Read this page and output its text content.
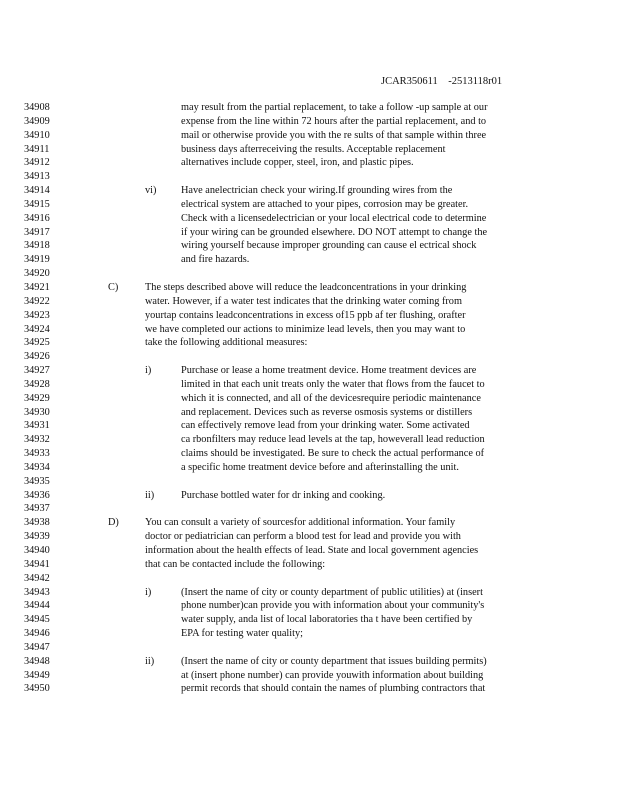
JCAR350611    -2513118r01
34908	may result from the partial replacement, to take a follow -up sample at our
34909	expense from the line within 72 hours after the partial replacement, and to
34910	mail or otherwise provide you with the re sults of that sample within three
34911	business days afterreceiving the results. Acceptable replacement
34912	alternatives include copper, steel, iron, and plastic pipes.
34913
34914	vi) Have anelectrician check your wiring.If grounding wires from the
34915	electrical system are attached to your pipes, corrosion may be greater.
34916	Check with a licensedelectrician or your local electrical code to determine
34917	if your wiring can be grounded elsewhere. DO NOT attempt to change the
34918	wiring yourself because improper grounding can cause el ectrical shock
34919	and fire hazards.
34920
34921	C)	The steps described above will reduce the leadconcentrations in your drinking
34922	water. However, if a water test indicates that the drinking water coming from
34923	yourtap contains leadconcentrations in excess of15 ppb af ter flushing, orafter
34924	we have completed our actions to minimize lead levels, then you may want to
34925	take the following additional measures:
34926
34927	i)	Purchase or lease a home treatment device. Home treatment devices are
34928	limited in that each unit treats only the water that flows from the faucet to
34929	which it is connected, and all of the devicesrequire periodic maintenance
34930	and replacement. Devices such as reverse osmosis systems or distillers
34931	can effectively remove lead from your drinking water. Some activated
34932	ca rbonfilters may reduce lead levels at the tap, howeverall lead reduction
34933	claims should be investigated. Be sure to check the actual performance of
34934	a specific home treatment device before and afterinstalling the unit.
34935
34936	ii)	Purchase bottled water for dr inking and cooking.
34937
34938	D)	You can consult a variety of sourcesfor additional information. Your family
34939	doctor or pediatrician can perform a blood test for lead and provide you with
34940	information about the health effects of lead. State and local government agencies
34941	that can be contacted include the following:
34942
34943	i)	(Insert the name of city or county department of public utilities) at (insert
34944	phone number)can provide you with information about your community's
34945	water supply, anda list of local laboratories tha t have been certified by
34946	EPA for testing water quality;
34947
34948	ii)	(Insert the name of city or county department that issues building permits)
34949	at (insert phone number) can provide youwith information about building
34950	permit records that should contain the names of plumbing contractors that
